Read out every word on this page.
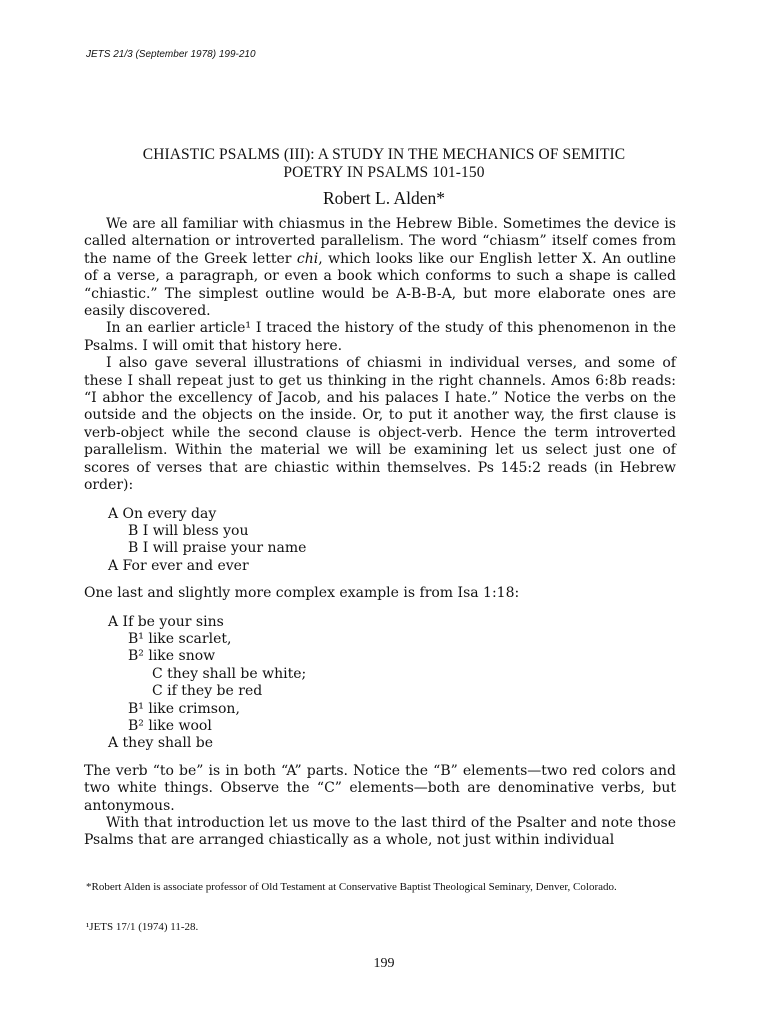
JETS 21/3 (September 1978) 199-210
CHIASTIC PSALMS (III): A STUDY IN THE MECHANICS OF SEMITIC
POETRY IN PSALMS 101-150
Robert L. Alden*

We are all familiar with chiasmus in the Hebrew Bible. Sometimes the device is called alternation or introverted parallelism. The word “chiasm” itself comes from the name of the Greek letter chi, which looks like our English letter X. An outline of a verse, a paragraph, or even a book which conforms to such a shape is called “chiastic.” The simplest outline would be A-B-B-A, but more elaborate ones are easily discovered.

In an earlier article¹ I traced the history of the study of this phenomenon in the Psalms. I will omit that history here.

I also gave several illustrations of chiasmi in individual verses, and some of these I shall repeat just to get us thinking in the right channels. Amos 6:8b reads: “I abhor the excellency of Jacob, and his palaces I hate.” Notice the verbs on the outside and the objects on the inside. Or, to put it another way, the first clause is verb-object while the second clause is object-verb. Hence the term introverted parallelism. Within the material we will be examining let us select just one of scores of verses that are chiastic within themselves. Ps 145:2 reads (in Hebrew order):

A On every day
B I will bless you
B I will praise your name
A For ever and ever

One last and slightly more complex example is from Isa 1:18:

A If be your sins
B¹ like scarlet,
B² like snow
C they shall be white;
C if they be red
B¹ like crimson,
B² like wool
A they shall be

The verb “to be” is in both “A” parts. Notice the “B” elements—two red colors and two white things. Observe the “C” elements—both are denominative verbs, but antonymous.

With that introduction let us move to the last third of the Psalter and note those Psalms that are arranged chiastically as a whole, not just within individual

*Robert Alden is associate professor of Old Testament at Conservative Baptist Theological Seminary, Denver, Colorado.
¹JETS 17/1 (1974) 11-28.
199
